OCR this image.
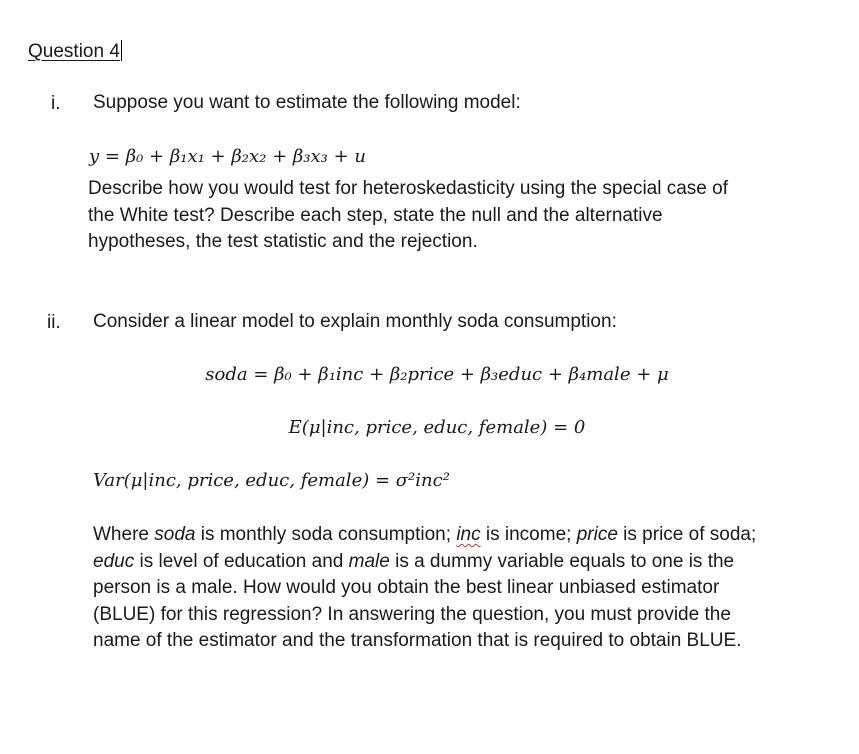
Question 4
i. Suppose you want to estimate the following model:
y = β₀ + β₁x₁ + β₂x₂ + β₃x₃ + u
Describe how you would test for heteroskedasticity using the special case of
the White test? Describe each step, state the null and the alternative
hypotheses, the test statistic and the rejection.
ii. Consider a linear model to explain monthly soda consumption:
soda = β₀ + β₁inc + β₂price + β₃educ + β₄male + μ
E(μ|inc, price, educ, female) = 0
Var(μ|inc, price, educ, female) = σ²inc²
Where soda is monthly soda consumption; inc is income; price is price of soda;
educ is level of education and male is a dummy variable equals to one is the
person is a male. How would you obtain the best linear unbiased estimator
(BLUE) for this regression? In answering the question, you must provide the
name of the estimator and the transformation that is required to obtain BLUE.
